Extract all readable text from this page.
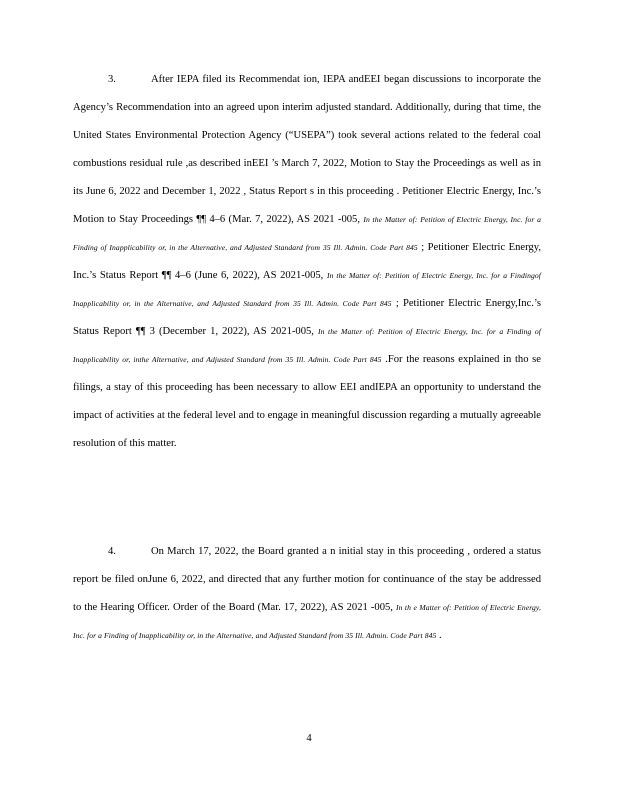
3.	After IEPA filed its Recommendat ion, IEPA andEEI began discussions to incorporate the Agency’s Recommendation into an agreed upon interim adjusted standard. Additionally, during that time, the United States Environmental Protection Agency (“USEPA”) took several actions related to the federal coal combustions residual rule ,as described inEEI ’s March 7, 2022, Motion to Stay the Proceedings as well as in its June 6, 2022 and December 1, 2022 , Status Report s in this proceeding . Petitioner Electric Energy, Inc.’s Motion to Stay Proceedings ¶¶ 4–6 (Mar. 7, 2022), AS 2021 -005, In the Matter of: Petition of Electric Energy, Inc. for a Finding of Inapplicability or, in the Alternative, and Adjusted Standard from 35 Ill. Admin. Code Part 845 ; Petitioner Electric Energy, Inc.’s Status Report ¶¶ 4–6 (June 6, 2022), AS 2021-005, In the Matter of: Petition of Electric Energy, Inc. for a Findingof Inapplicability or, in the Alternative, and Adjusted Standard from 35 Ill. Admin. Code Part 845 ; Petitioner Electric Energy,Inc.’s Status Report ¶¶ 3 (December 1, 2022), AS 2021-005, In the Matter of: Petition of Electric Energy, Inc. for a Finding of Inapplicability or, inthe Alternative, and Adjusted Standard from 35 Ill. Admin. Code Part 845 .For the reasons explained in tho se filings, a stay of this proceeding has been necessary to allow EEI andIEPA an opportunity to understand the impact of activities at the federal level and to engage in meaningful discussion regarding a mutually agreeable resolution of this matter.

4.	On March 17, 2022, the Board granted a n initial stay in this proceeding , ordered a status report be filed onJune 6, 2022, and directed that any further motion for continuance of the stay be addressed to the Hearing Officer. Order of the Board (Mar. 17, 2022), AS 2021 -005, In th e Matter of: Petition of Electric Energy, Inc. for a Finding of Inapplicability or, in the Alternative, and Adjusted Standard from 35 Ill. Admin. Code Part 845 .

4
